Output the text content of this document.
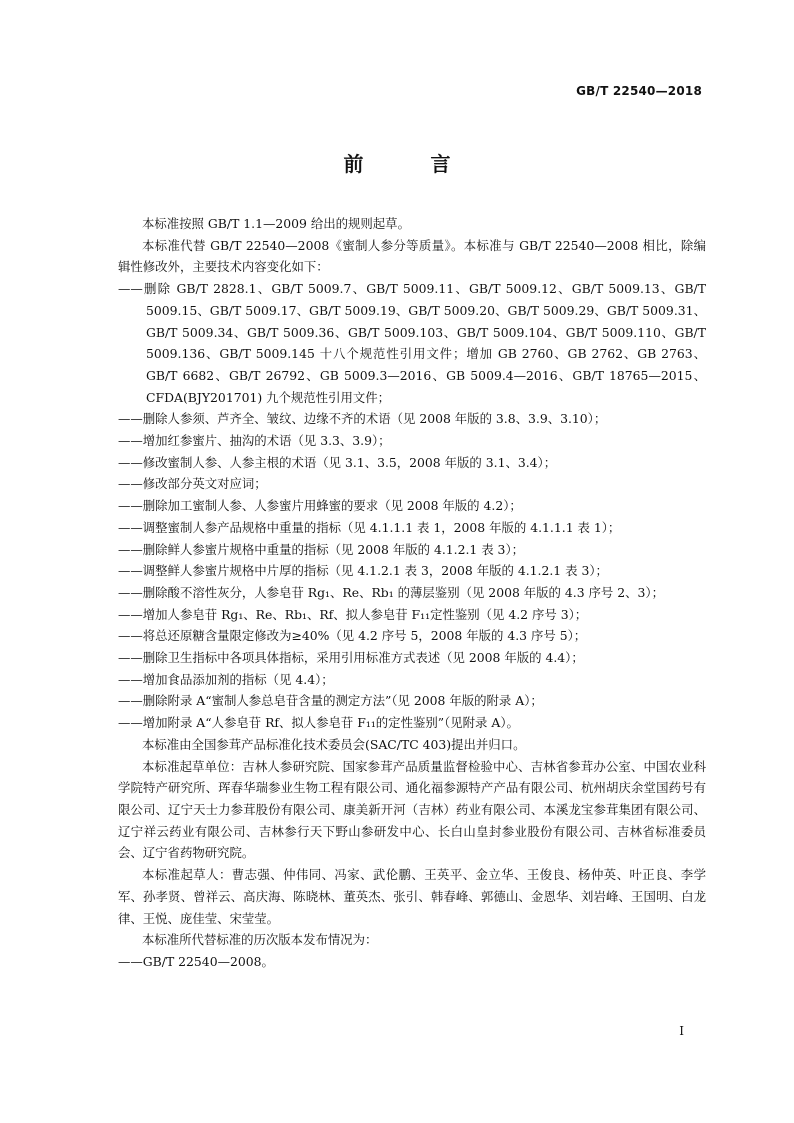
GB/T 22540—2018
前 言

本标准按照 GB/T 1.1—2009 给出的规则起草。

本标准代替 GB/T 22540—2008《蜜制人参分等质量》。本标准与 GB/T 22540—2008 相比，除编辑性修改外，主要技术内容变化如下：

——删除 GB/T 2828.1、GB/T 5009.7、GB/T 5009.11、GB/T 5009.12、GB/T 5009.13、GB/T 5009.15、GB/T 5009.17、GB/T 5009.19、GB/T 5009.20、GB/T 5009.29、GB/T 5009.31、GB/T 5009.34、GB/T 5009.36、GB/T 5009.103、GB/T 5009.104、GB/T 5009.110、GB/T 5009.136、GB/T 5009.145 十八个规范性引用文件；增加 GB 2760、GB 2762、GB 2763、GB/T 6682、GB/T 26792、GB 5009.3—2016、GB 5009.4—2016、GB/T 18765—2015、CFDA(BJY201701) 九个规范性引用文件；

——删除人参须、芦齐全、皱纹、边缘不齐的术语（见 2008 年版的 3.8、3.9、3.10）；

——增加红参蜜片、抽沟的术语（见 3.3、3.9）；

——修改蜜制人参、人参主根的术语（见 3.1、3.5，2008 年版的 3.1、3.4）；

——修改部分英文对应词；

——删除加工蜜制人参、人参蜜片用蜂蜜的要求（见 2008 年版的 4.2）；

——调整蜜制人参产品规格中重量的指标（见 4.1.1.1 表 1，2008 年版的 4.1.1.1 表 1）；

——删除鲜人参蜜片规格中重量的指标（见 2008 年版的 4.1.2.1 表 3）；

——调整鲜人参蜜片规格中片厚的指标（见 4.1.2.1 表 3，2008 年版的 4.1.2.1 表 3）；

——删除酸不溶性灰分，人参皂苷 Rg₁、Re、Rb₁ 的薄层鉴别（见 2008 年版的 4.3 序号 2、3）；

——增加人参皂苷 Rg₁、Re、Rb₁、Rf、拟人参皂苷 F₁₁定性鉴别（见 4.2 序号 3）；

——将总还原糖含量限定修改为≥40%（见 4.2 序号 5，2008 年版的 4.3 序号 5）；

——删除卫生指标中各项具体指标，采用引用标准方式表述（见 2008 年版的 4.4）；

——增加食品添加剂的指标（见 4.4）；

——删除附录 A“蜜制人参总皂苷含量的测定方法”（见 2008 年版的附录 A）；

——增加附录 A“人参皂苷 Rf、拟人参皂苷 F₁₁的定性鉴别”（见附录 A）。

本标准由全国参茸产品标准化技术委员会(SAC/TC 403)提出并归口。

本标准起草单位：吉林人参研究院、国家参茸产品质量监督检验中心、吉林省参茸办公室、中国农业科学院特产研究所、珲春华瑞参业生物工程有限公司、通化福参源特产产品有限公司、杭州胡庆余堂国药号有限公司、辽宁天士力参茸股份有限公司、康美新开河（吉林）药业有限公司、本溪龙宝参茸集团有限公司、辽宁祥云药业有限公司、吉林参行天下野山参研发中心、长白山皇封参业股份有限公司、吉林省标准委员会、辽宁省药物研究院。

本标准起草人：曹志强、仲伟同、冯家、武伦鹏、王英平、金立华、王俊良、杨仲英、叶正良、李学军、孙孝贤、曾祥云、高庆海、陈晓林、董英杰、张引、韩春峰、郭德山、金恩华、刘岩峰、王国明、白龙律、王悦、庞佳莹、宋莹莹。

本标准所代替标准的历次版本发布情况为：

——GB/T 22540—2008。

I
